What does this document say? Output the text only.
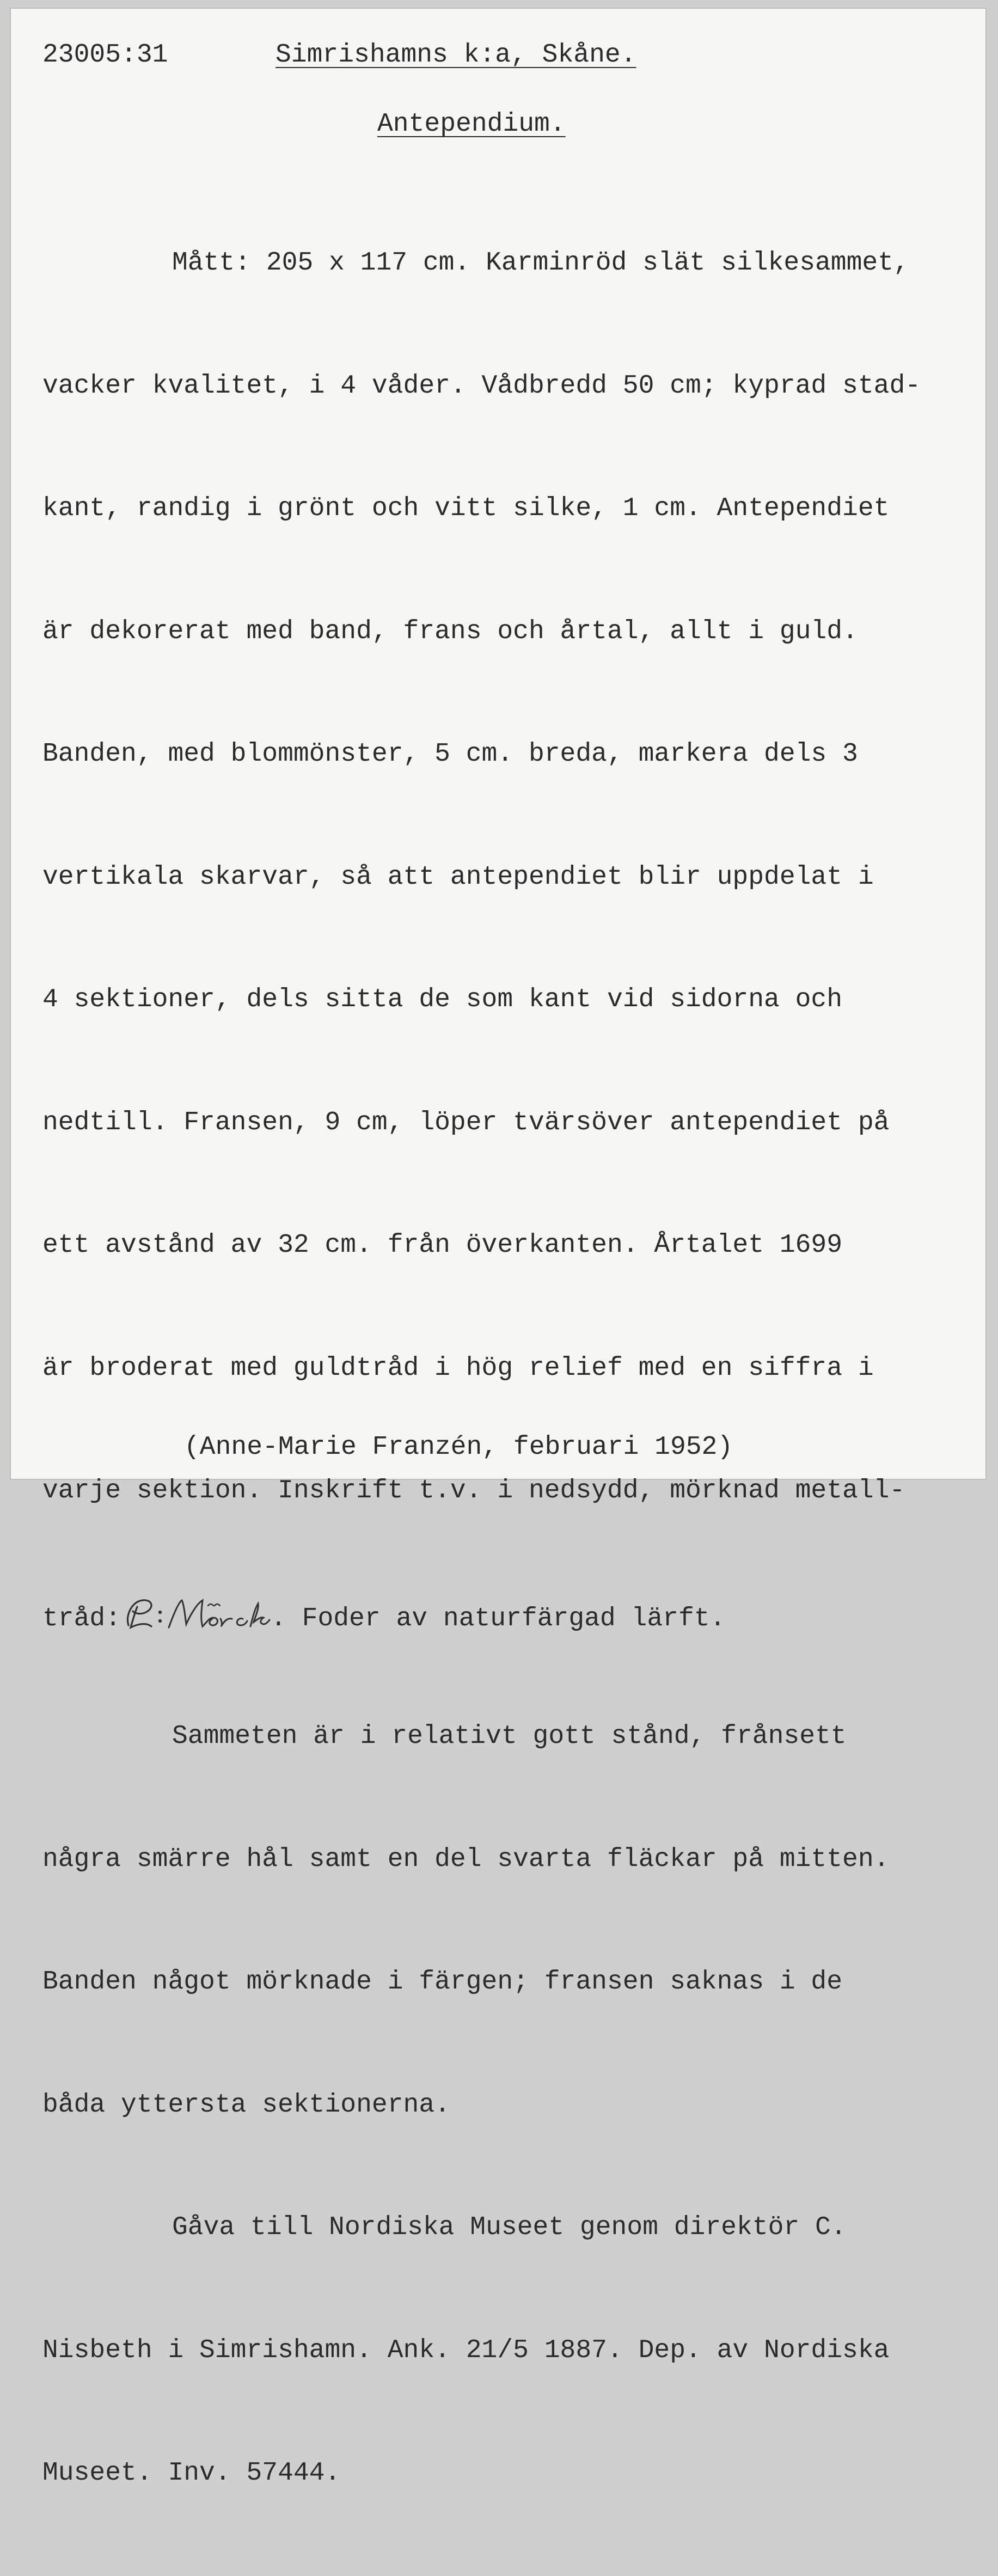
23005:31	Simrishamns k:a, Skåne.
Antependium.

Mått: 205 x 117 cm. Karminröd slät silkesammet,

vacker kvalitet, i 4 våder. Vådbredd 50 cm; kyprad stad-

kant, randig i grönt och vitt silke, 1 cm. Antependiet

är dekorerat med band, frans och årtal, allt i guld.

Banden, med blommönster, 5 cm. breda, markera dels 3

vertikala skarvar, så att antependiet blir uppdelat i

4 sektioner, dels sitta de som kant vid sidorna och

nedtill. Fransen, 9 cm, löper tvärsöver antependiet på

ett avstånd av 32 cm. från överkanten. Årtalet 1699

är broderat med guldtråd i hög relief med en siffra i

varje sektion. Inskrift t.v. i nedsydd, mörknad metall-

tråd:	. Foder av naturfärgad lärft.

Sammeten är i relativt gott stånd, frånsett

några smärre hål samt en del svarta fläckar på mitten.

Banden något mörknade i färgen; fransen saknas i de

båda yttersta sektionerna.

Gåva till Nordiska Museet genom direktör C.

Nisbeth i Simrishamn. Ank. 21/5 1887. Dep. av Nordiska

Museet. Inv. 57444.

(Anne-Marie Franzén, februari 1952)
